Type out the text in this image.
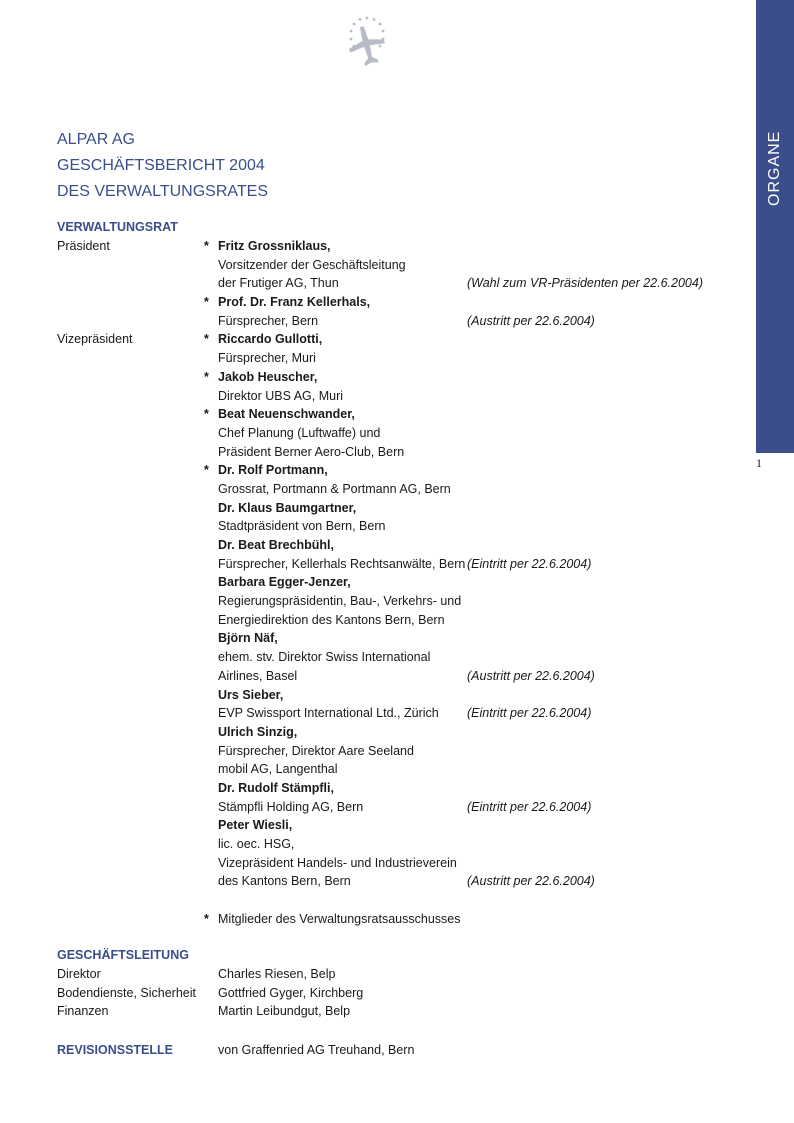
ORGANE
1
ALPAR AG
GESCHÄFTSBERICHT 2004
DES VERWALTUNGSRATES
VERWALTUNGSRAT
Präsident	* Fritz Grossniklaus,
Vorsitzender der Geschäftsleitung
der Frutiger AG, Thun	(Wahl zum VR-Präsidenten per 22.6.2004)
* Prof. Dr. Franz Kellerhals,
Fürsprecher, Bern	(Austritt per 22.6.2004)
Vizepräsident	* Riccardo Gullotti,
Fürsprecher, Muri
* Jakob Heuscher,
Direktor UBS AG, Muri
* Beat Neuenschwander,
Chef Planung (Luftwaffe) und
Präsident Berner Aero-Club, Bern
* Dr. Rolf Portmann,
Grossrat, Portmann & Portmann AG, Bern
Dr. Klaus Baumgartner,
Stadtpräsident von Bern, Bern
Dr. Beat Brechbühl,
Fürsprecher, Kellerhals Rechtsanwälte, Bern (Eintritt per 22.6.2004)
Barbara Egger-Jenzer,
Regierungspräsidentin, Bau-, Verkehrs- und
Energiedirektion des Kantons Bern, Bern
Björn Näf,
ehem. stv. Direktor Swiss International
Airlines, Basel	(Austritt per 22.6.2004)
Urs Sieber,
EVP Swissport International Ltd., Zürich (Eintritt per 22.6.2004)
Ulrich Sinzig,
Fürsprecher, Direktor Aare Seeland
mobil AG, Langenthal
Dr. Rudolf Stämpfli,
Stämpfli Holding AG, Bern	(Eintritt per 22.6.2004)
Peter Wiesli,
lic. oec. HSG,
Vizepräsident Handels- und Industrieverein
des Kantons Bern, Bern	(Austritt per 22.6.2004)
* Mitglieder des Verwaltungsratsausschusses
GESCHÄFTSLEITUNG
Direktor	Charles Riesen, Belp
Bodendienste, Sicherheit Gottfried Gyger, Kirchberg
Finanzen	Martin Leibundgut, Belp
REVISIONSSTELLE	von Graffenried AG Treuhand, Bern
